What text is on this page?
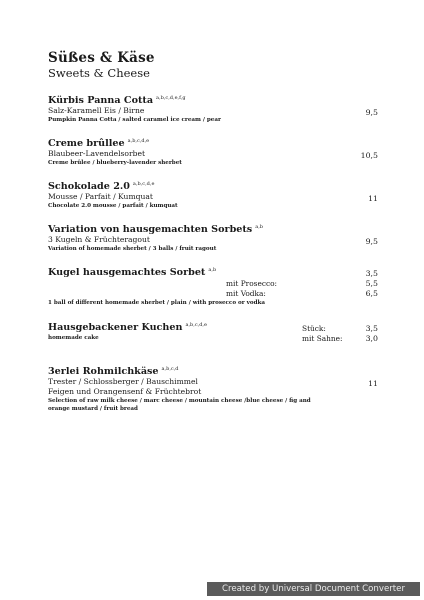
Süßes & Käse
Sweets & Cheese
Kürbis Panna Cotta $^{a,b,c,d,e,f,g}$
Salz-Karamell Eis / Birne
Pumpkin Panna Cotta / salted caramel ice cream / pear
9,5
Creme brûllee $^{a,b,c,d,e}$
Blaubeer-Lavendelsorbet
Creme brûlee / blueberry-lavender sherbet
10,5
Schokolade 2.0 $^{a,b,c,d,e}$
Mousse / Parfait / Kumquat
Chocolate 2.0 mousse / parfait / kumquat
11
Variation von hausgemachten Sorbets $^{a,b}$
3 Kugeln & Früchteragout
Variation of homemade sherbet / 3 balls / fruit ragout
9,5
Kugel hausgemachtes Sorbet $^{a,b}$	3,5
mit Prosecco:	5,5
mit Vodka:	6,5
1 ball of different homemade sherbet / plain / with prosecco or vodka
Hausgebackener Kuchen $^{a,b,c,d,e}$
homemade cake
Stück:	3,5
mit Sahne:	3,0
3erlei Rohmilchkäse $^{a,b,c,d}$
Trester / Schlossberger / Bauschimmel
Feigen und Orangensenf & Früchtebrot
Selection of raw milk cheese / marc cheese / mountain cheese /blue cheese / fig and
orange mustard / fruit bread
11
Created by Universal Document Converter
